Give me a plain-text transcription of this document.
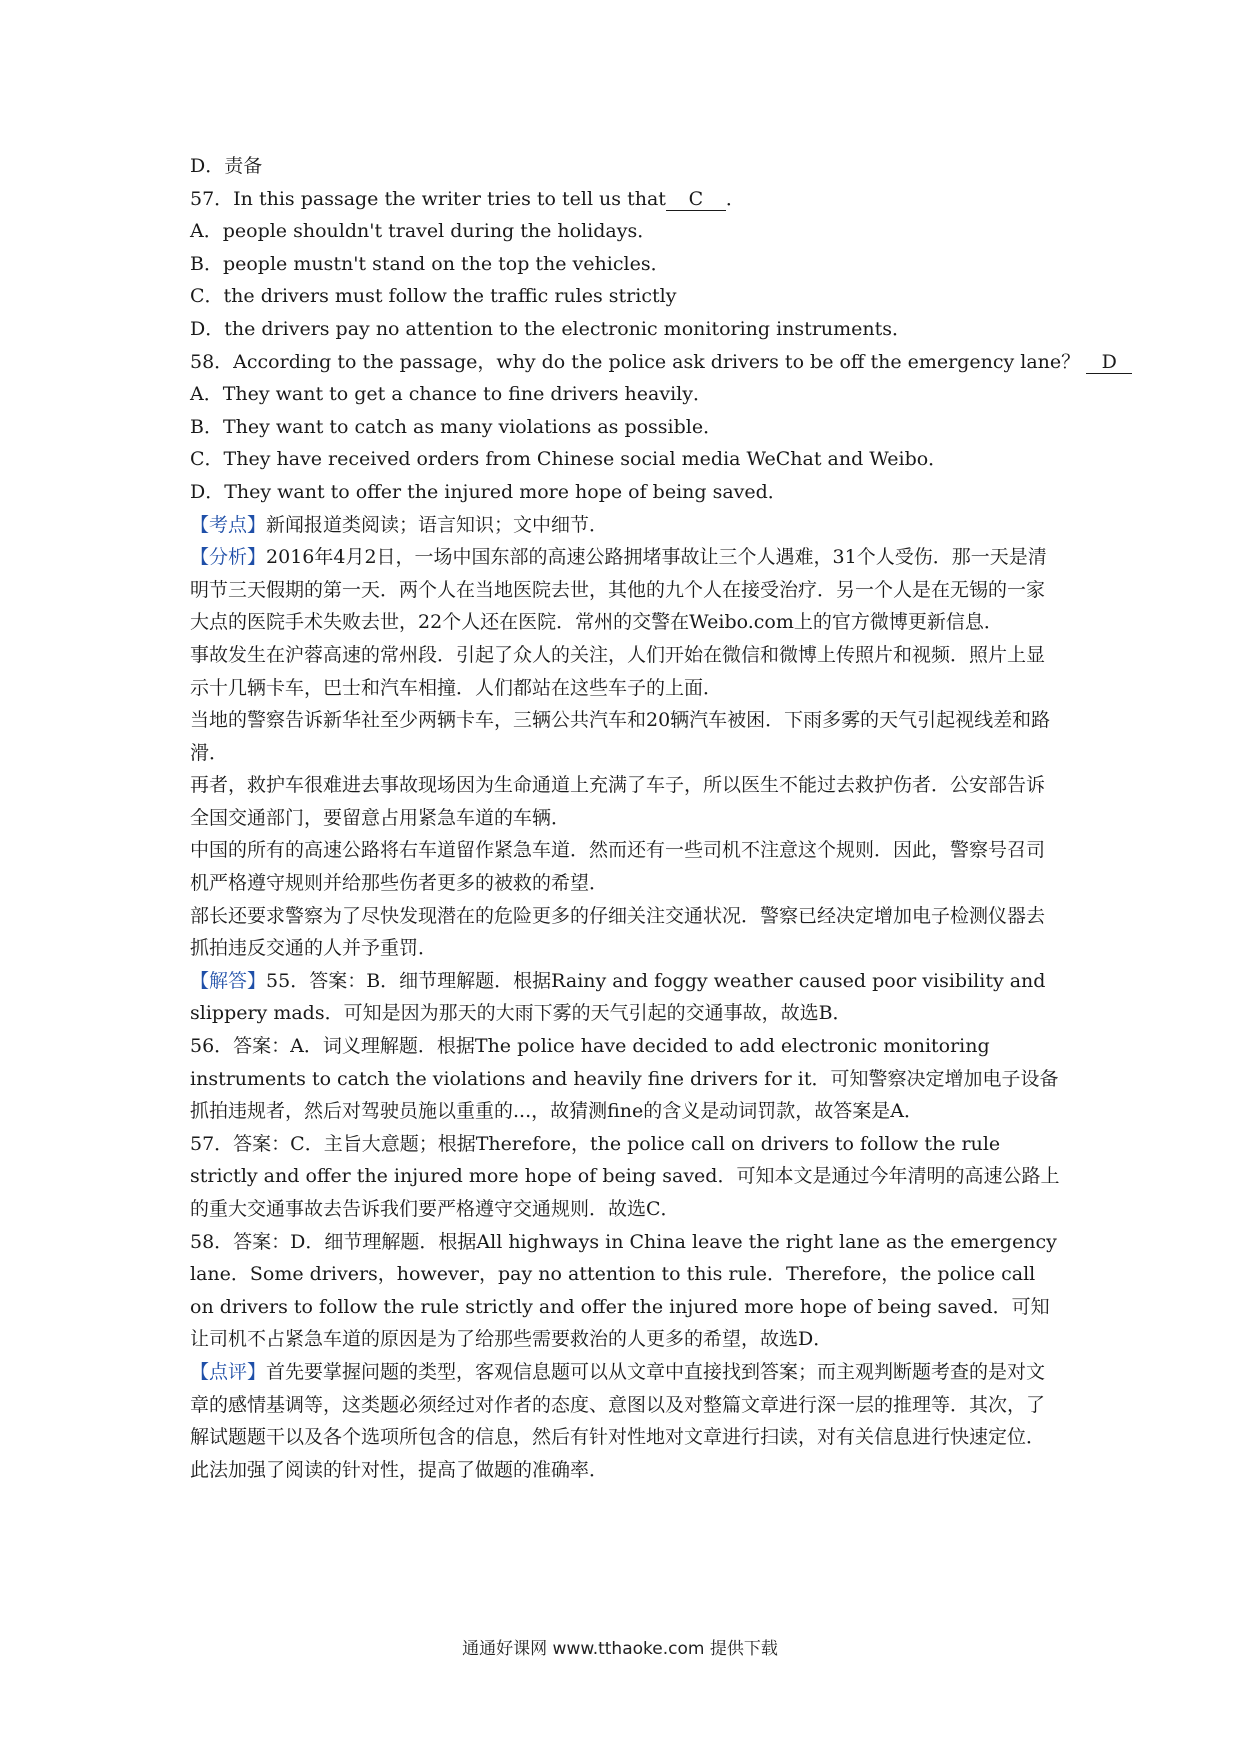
D．责备
57．In this passage the writer tries to tell us that C ．
A．people shouldn't travel during the holidays．
B．people mustn't stand on the top the vehicles．
C．the drivers must follow the traffic rules strictly
D．the drivers pay no attention to the electronic monitoring instruments．
58．According to the passage，why do the police ask drivers to be off the emergency lane？ D
A．They want to get a chance to fine drivers heavily．
B．They want to catch as many violations as possible．
C．They have received orders from Chinese social media WeChat and Weibo．
D．They want to offer the injured more hope of being saved．
【考点】新闻报道类阅读；语言知识；文中细节．
【分析】2016年4月2日，一场中国东部的高速公路拥堵事故让三个人遇难，31个人受伤．那一天是清明节三天假期的第一天．两个人在当地医院去世，其他的九个人在接受治疗．另一个人是在无锡的一家大点的医院手术失败去世，22个人还在医院．常州的交警在Weibo.com上的官方微博更新信息．
事故发生在沪蓉高速的常州段．引起了众人的关注，人们开始在微信和微博上传照片和视频．照片上显示十几辆卡车，巴士和汽车相撞．人们都站在这些车子的上面．
当地的警察告诉新华社至少两辆卡车，三辆公共汽车和20辆汽车被困．下雨多雾的天气引起视线差和路滑．
再者，救护车很难进去事故现场因为生命通道上充满了车子，所以医生不能过去救护伤者．公安部告诉全国交通部门，要留意占用紧急车道的车辆．
中国的所有的高速公路将右车道留作紧急车道．然而还有一些司机不注意这个规则．因此，警察号召司机严格遵守规则并给那些伤者更多的被救的希望．
部长还要求警察为了尽快发现潜在的危险更多的仔细关注交通状况．警察已经决定增加电子检测仪器去抓拍违反交通的人并予重罚．
【解答】55．答案：B．细节理解题．根据Rainy and foggy weather caused poor visibility and slippery mads．可知是因为那天的大雨下雾的天气引起的交通事故，故选B．
56．答案：A．词义理解题．根据The police have decided to add electronic monitoring instruments to catch the violations and heavily fine drivers for it．可知警察决定增加电子设备抓拍违规者，然后对驾驶员施以重重的...，故猜测fine的含义是动词罚款，故答案是A．
57．答案：C．主旨大意题；根据Therefore，the police call on drivers to follow the rule strictly and offer the injured more hope of being saved．可知本文是通过今年清明的高速公路上的重大交通事故去告诉我们要严格遵守交通规则．故选C．
58．答案：D．细节理解题．根据All highways in China leave the right lane as the emergency lane．Some drivers，however，pay no attention to this rule．Therefore，the police call on drivers to follow the rule strictly and offer the injured more hope of being saved．可知让司机不占紧急车道的原因是为了给那些需要救治的人更多的希望，故选D．
【点评】首先要掌握问题的类型，客观信息题可以从文章中直接找到答案；而主观判断题考查的是对文章的感情基调等，这类题必须经过对作者的态度、意图以及对整篇文章进行深一层的推理等．其次，了解试题题干以及各个选项所包含的信息，然后有针对性地对文章进行扫读，对有关信息进行快速定位．此法加强了阅读的针对性，提高了做题的准确率．
通通好课网 www.tthaoke.com 提供下载
